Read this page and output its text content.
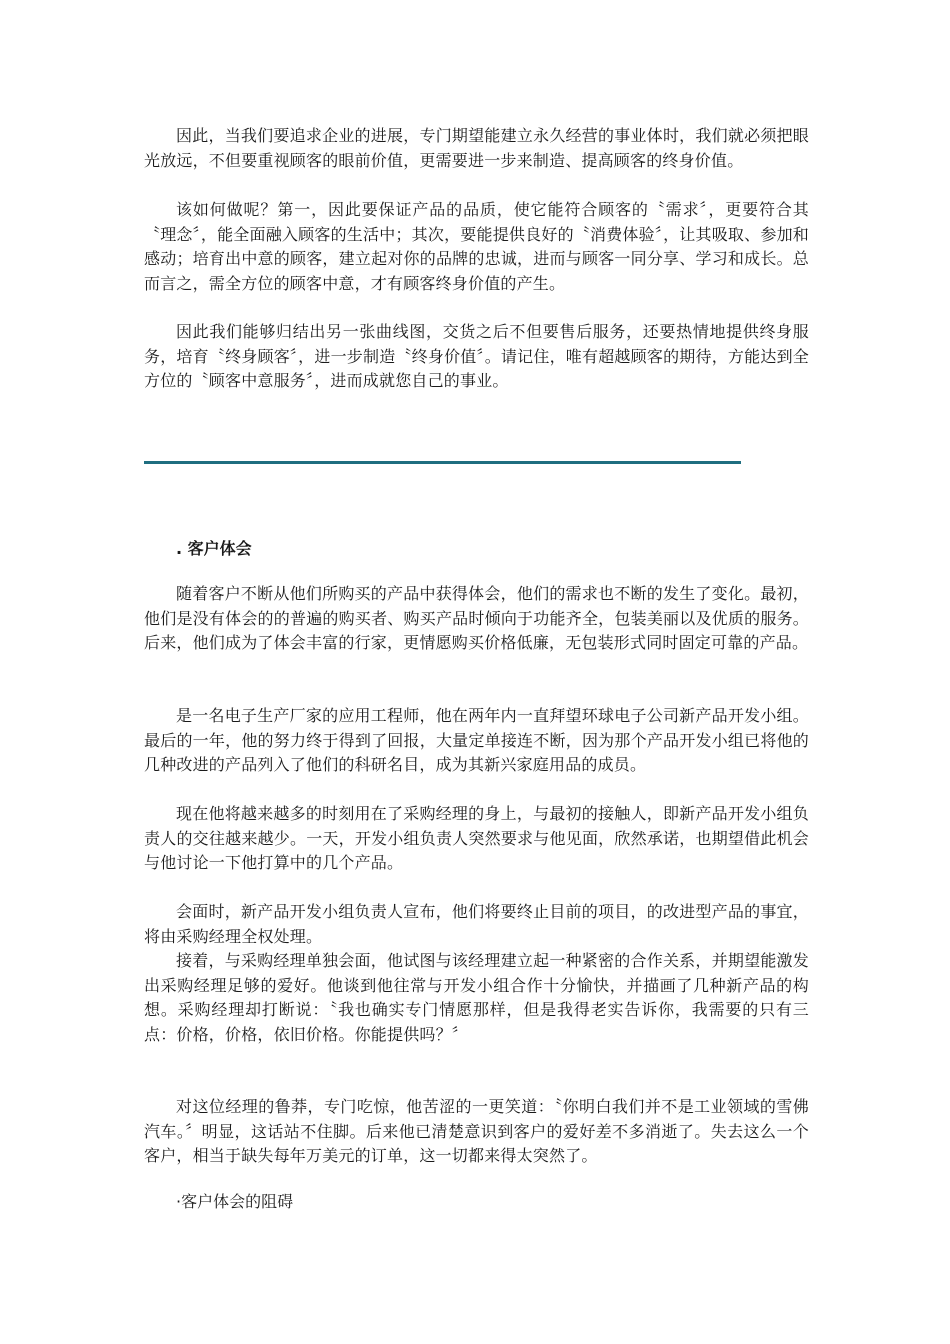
因此，当我们要追求企业的进展，专门期望能建立永久经营的事业体时，我们就必须把眼光放远，不但要重视顾客的眼前价值，更需要进一步来制造、提高顾客的终身价值。

该如何做呢？第一，因此要保证产品的品质，使它能符合顾客的〝需求〞，更要符合其〝理念〞，能全面融入顾客的生活中；其次，要能提供良好的〝消费体验〞，让其吸取、参加和感动；培育出中意的顾客，建立起对你的品牌的忠诚，进而与顾客一同分享、学习和成长。总而言之，需全方位的顾客中意，才有顾客终身价值的产生。

因此我们能够归结出另一张曲线图，交货之后不但要售后服务，还要热情地提供终身服务，培育〝终身顾客〞，进一步制造〝终身价值〞。请记住，唯有超越顾客的期待，方能达到全方位的〝顾客中意服务〞，进而成就您自己的事业。

. 客户体会

随着客户不断从他们所购买的产品中获得体会，他们的需求也不断的发生了变化。最初，他们是没有体会的的普遍的购买者、购买产品时倾向于功能齐全，包装美丽以及优质的服务。后来，他们成为了体会丰富的行家，更情愿购买价格低廉，无包装形式同时固定可靠的产品。

是一名电子生产厂家的应用工程师，他在两年内一直拜望环球电子公司新产品开发小组。最后的一年，他的努力终于得到了回报，大量定单接连不断，因为那个产品开发小组已将他的几种改进的产品列入了他们的科研名目，成为其新兴家庭用品的成员。

现在他将越来越多的时刻用在了采购经理的身上，与最初的接触人，即新产品开发小组负责人的交往越来越少。一天，开发小组负责人突然要求与他见面，欣然承诺，也期望借此机会与他讨论一下他打算中的几个产品。

会面时，新产品开发小组负责人宣布，他们将要终止目前的项目，的改进型产品的事宜，将由采购经理全权处理。

接着，与采购经理单独会面，他试图与该经理建立起一种紧密的合作关系，并期望能激发出采购经理足够的爱好。他谈到他往常与开发小组合作十分愉快，并描画了几种新产品的构想。采购经理却打断说：〝我也确实专门情愿那样，但是我得老实告诉你，我需要的只有三点：价格，价格，依旧价格。你能提供吗？〞

对这位经理的鲁莽，专门吃惊，他苦涩的一更笑道：〝你明白我们并不是工业领域的雪佛汽车。〞明显，这话站不住脚。后来他已清楚意识到客户的爱好差不多消逝了。失去这么一个客户，相当于缺失每年万美元的订单，这一切都来得太突然了。

·客户体会的阻碍
